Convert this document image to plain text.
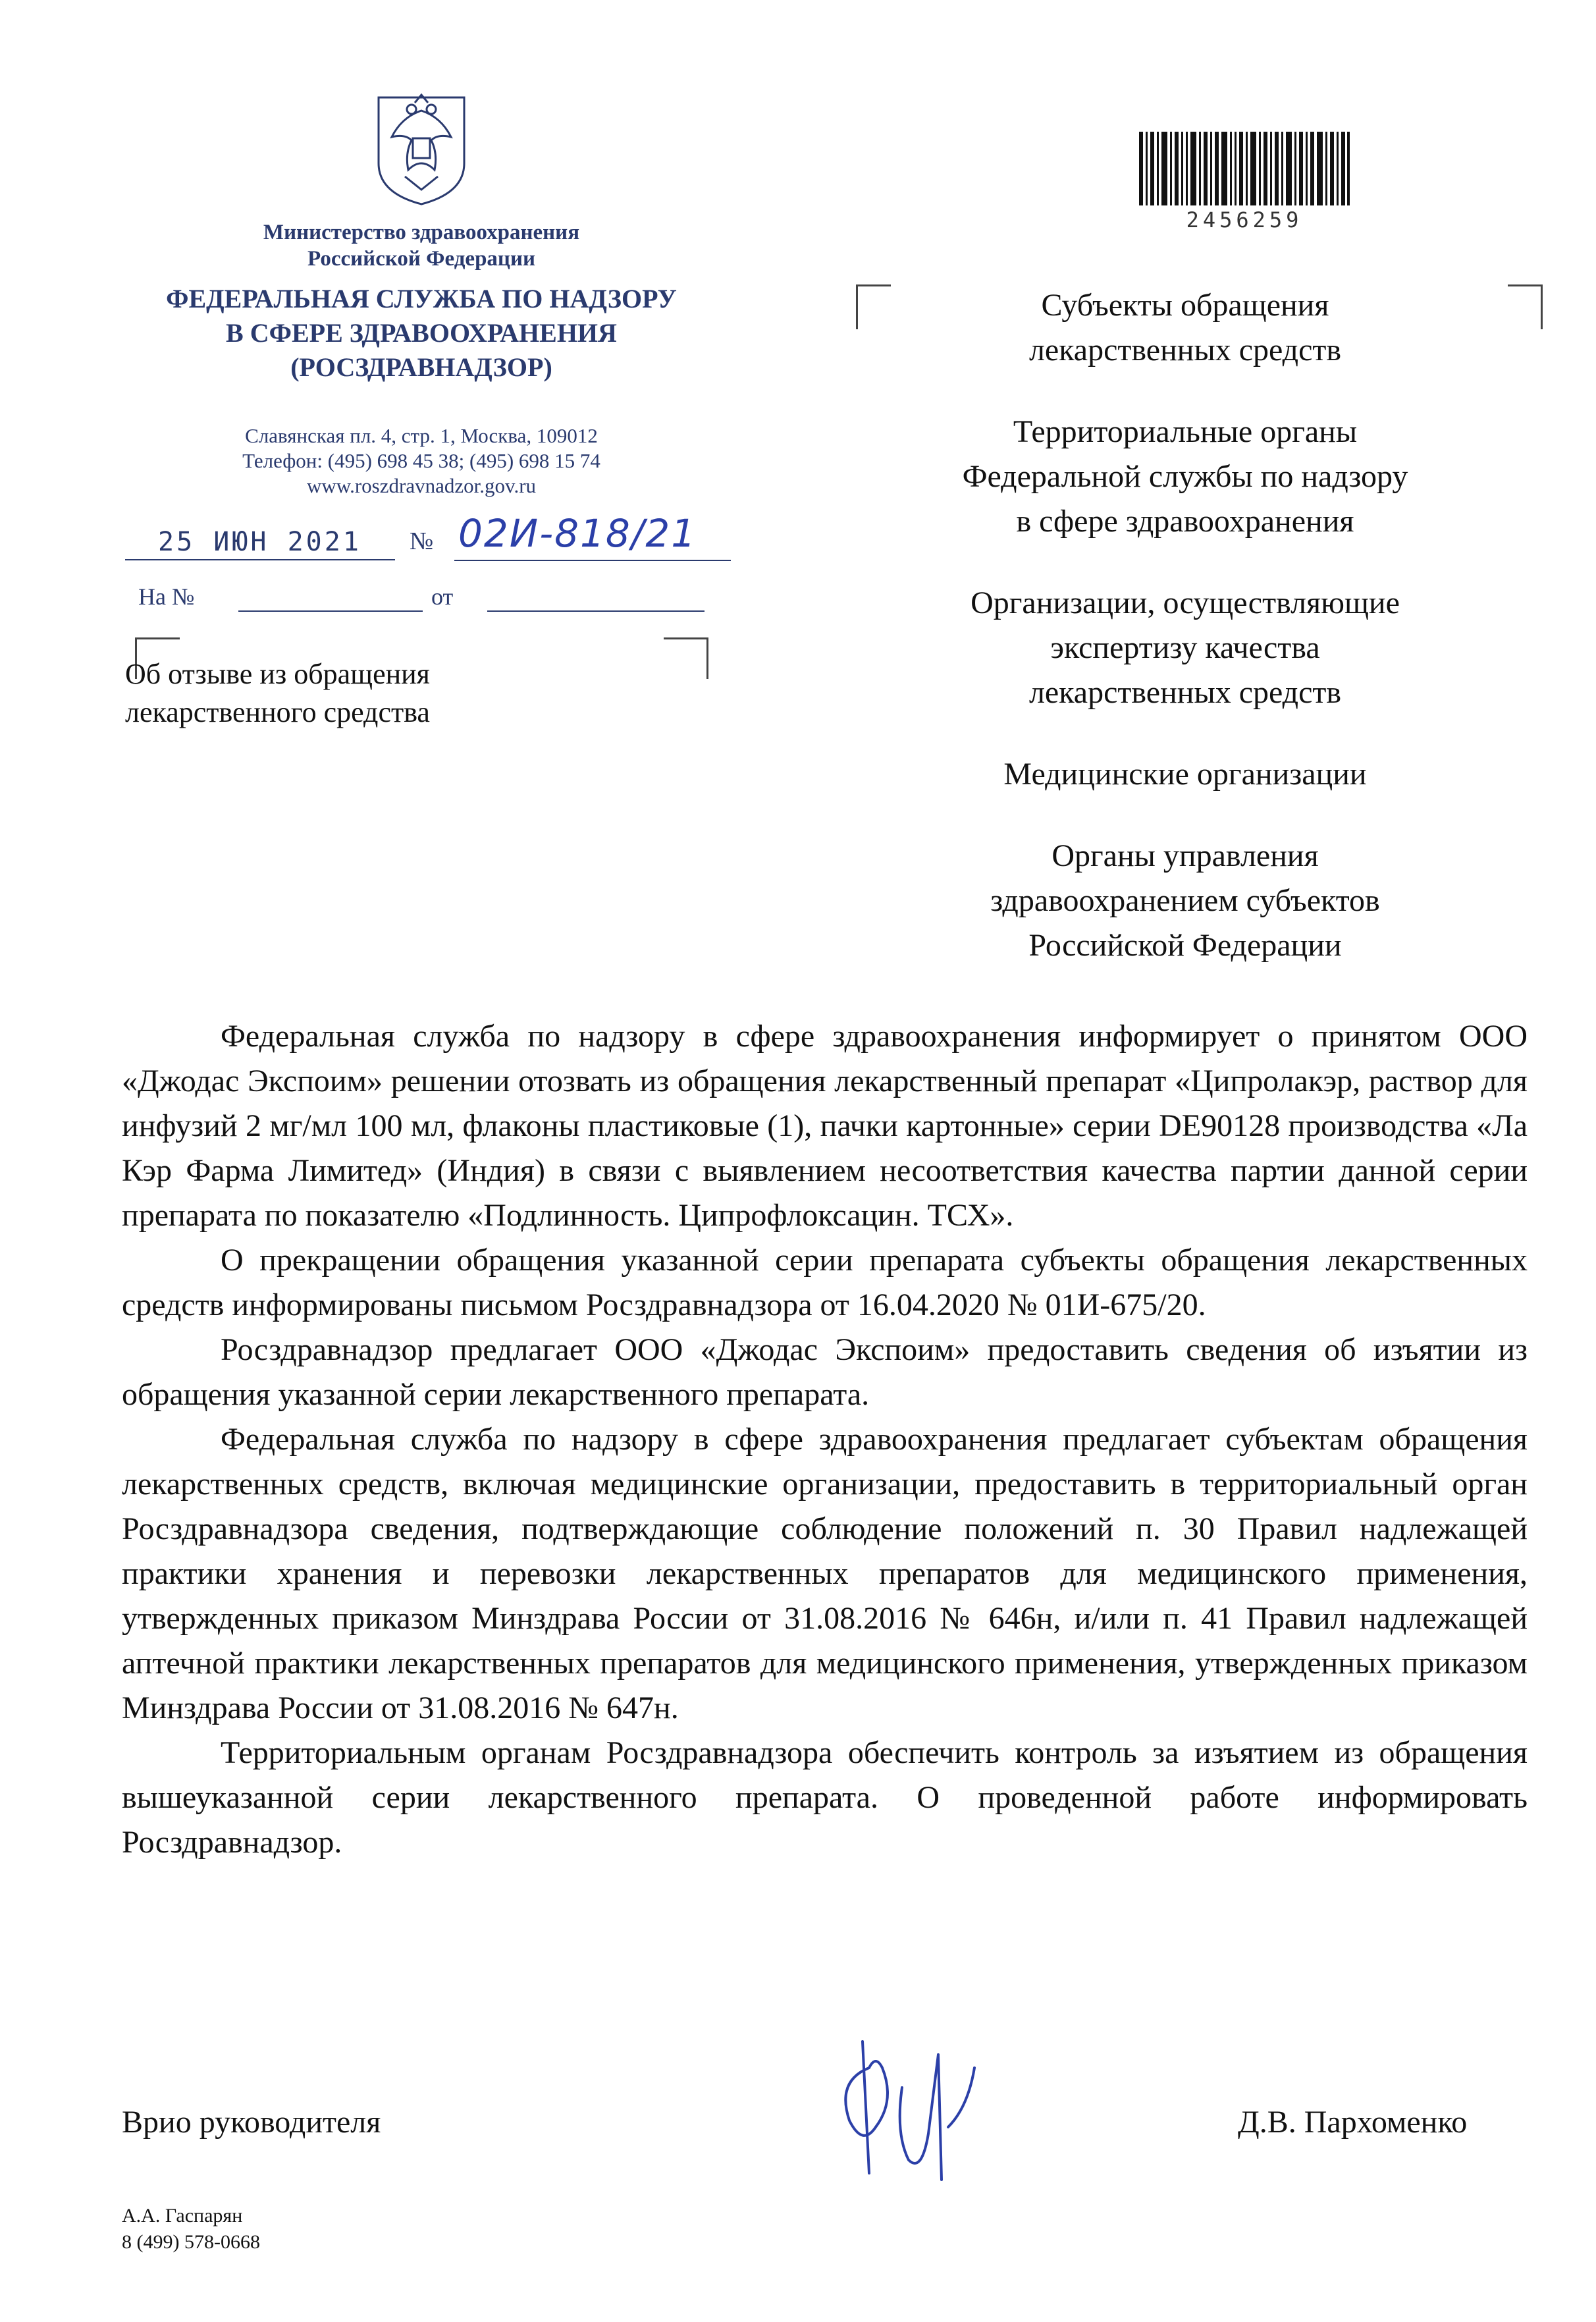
Министерство здравоохранения
Российской Федерации
ФЕДЕРАЛЬНАЯ СЛУЖБА ПО НАДЗОРУ
В СФЕРЕ ЗДРАВООХРАНЕНИЯ
(РОСЗДРАВНАДЗОР)
Славянская пл. 4, стр. 1, Москва, 109012
Телефон: (495) 698 45 38; (495) 698 15 74
www.roszdravnadzor.gov.ru
25 ИЮН 2021	№ 02И-818/21
На №	от
Об отзыве из обращения
лекарственного средства
2456259
Субъекты обращения
лекарственных средств
Территориальные органы
Федеральной службы по надзору
в сфере здравоохранения
Организации, осуществляющие
экспертизу качества
лекарственных средств
Медицинские организации
Органы управления
здравоохранением субъектов
Российской Федерации

Федеральная служба по надзору в сфере здравоохранения информирует о принятом ООО «Джодас Экспоим» решении отозвать из обращения лекарственный препарат «Ципролакэр, раствор для инфузий 2 мг/мл 100 мл, флаконы пластиковые (1), пачки картонные» серии DE90128 производства «Ла Кэр Фарма Лимитед» (Индия) в связи с выявлением несоответствия качества партии данной серии препарата по показателю «Подлинность. Ципрофлоксацин. ТСХ».

О прекращении обращения указанной серии препарата субъекты обращения лекарственных средств информированы письмом Росздравнадзора от 16.04.2020 № 01И-675/20.

Росздравнадзор предлагает ООО «Джодас Экспоим» предоставить сведения об изъятии из обращения указанной серии лекарственного препарата.

Федеральная служба по надзору в сфере здравоохранения предлагает субъектам обращения лекарственных средств, включая медицинские организации, предоставить в территориальный орган Росздравнадзора сведения, подтверждающие соблюдение положений п. 30 Правил надлежащей практики хранения и перевозки лекарственных препаратов для медицинского применения, утвержденных приказом Минздрава России от 31.08.2016 № 646н, и/или п. 41 Правил надлежащей аптечной практики лекарственных препаратов для медицинского применения, утвержденных приказом Минздрава России от 31.08.2016 № 647н.

Территориальным органам Росздравнадзора обеспечить контроль за изъятием из обращения вышеуказанной серии лекарственного препарата. О проведенной работе информировать Росздравнадзор.

Врио руководителя	Д.В. Пархоменко
А.А. Гаспарян
8 (499) 578-0668
